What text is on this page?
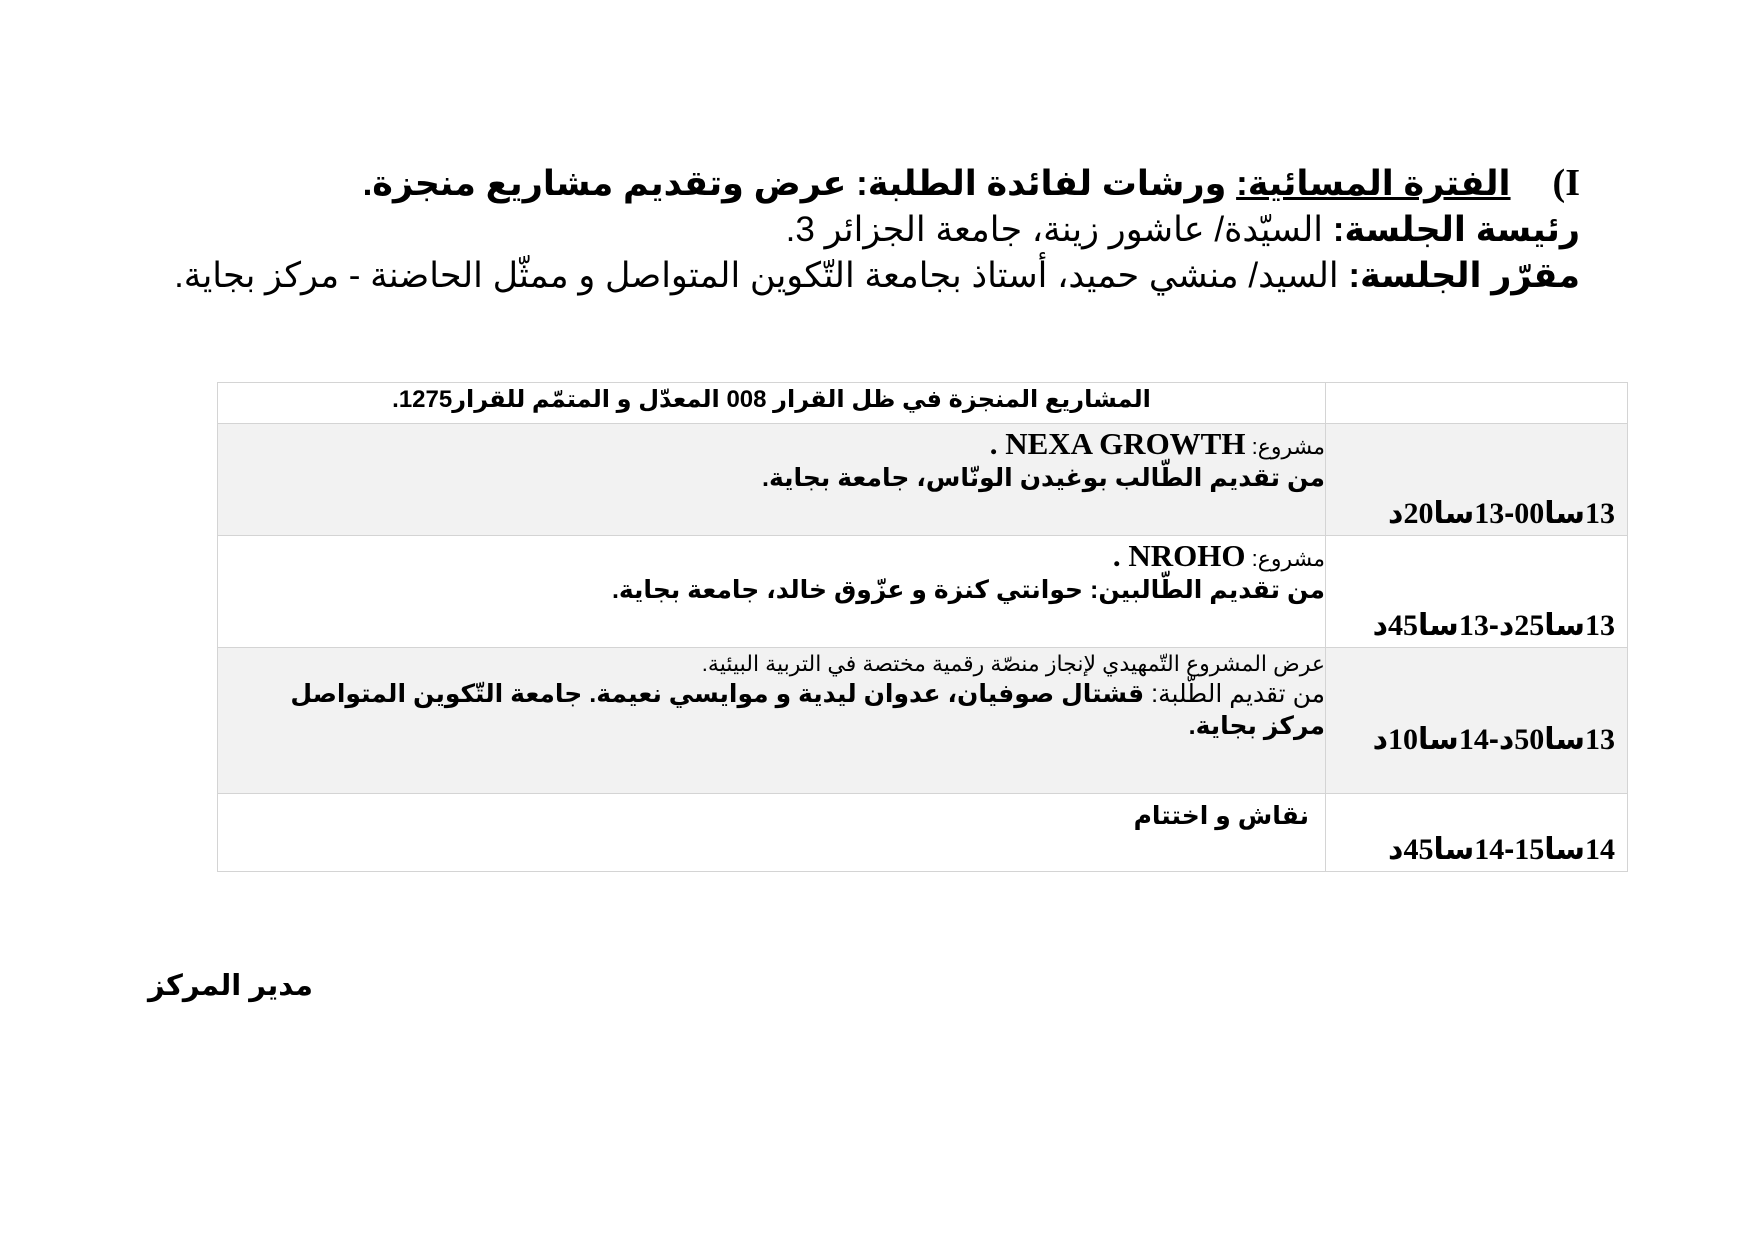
I)الفترة المسائية: ورشات لفائدة الطلبة: عرض وتقديم مشاريع منجزة.
رئيسة الجلسة: السيّدة/ عاشور زينة، جامعة الجزائر 3.
مقرّر الجلسة: السيد/ منشي حميد، أستاذ بجامعة التّكوين المتواصل و ممثّل الحاضنة - مركز بجاية.

	المشاريع المنجزة في ظل القرار 008 المعدّل و المتمّم للقرار1275.

13سا00-13سا20د	مشروع: NEXA GROWTH .
من تقديم الطّالب بوغيدن الونّاس، جامعة بجاية.

13سا25د-13سا45د	مشروع: NROHO .
من تقديم الطّالبين: حوانتي كنزة و عزّوق خالد، جامعة بجاية.

13سا50د-14سا10د	عرض المشروع التّمهيدي لإنجاز منصّة رقمية مختصة في التربية البيئية.
من تقديم الطّلبة: قشتال صوفيان، عدوان ليدية و موايسي نعيمة. جامعة التّكوين المتواصل مركز بجاية.

14سا15-14سا45د	نقاش و اختتام
مدير المركز
